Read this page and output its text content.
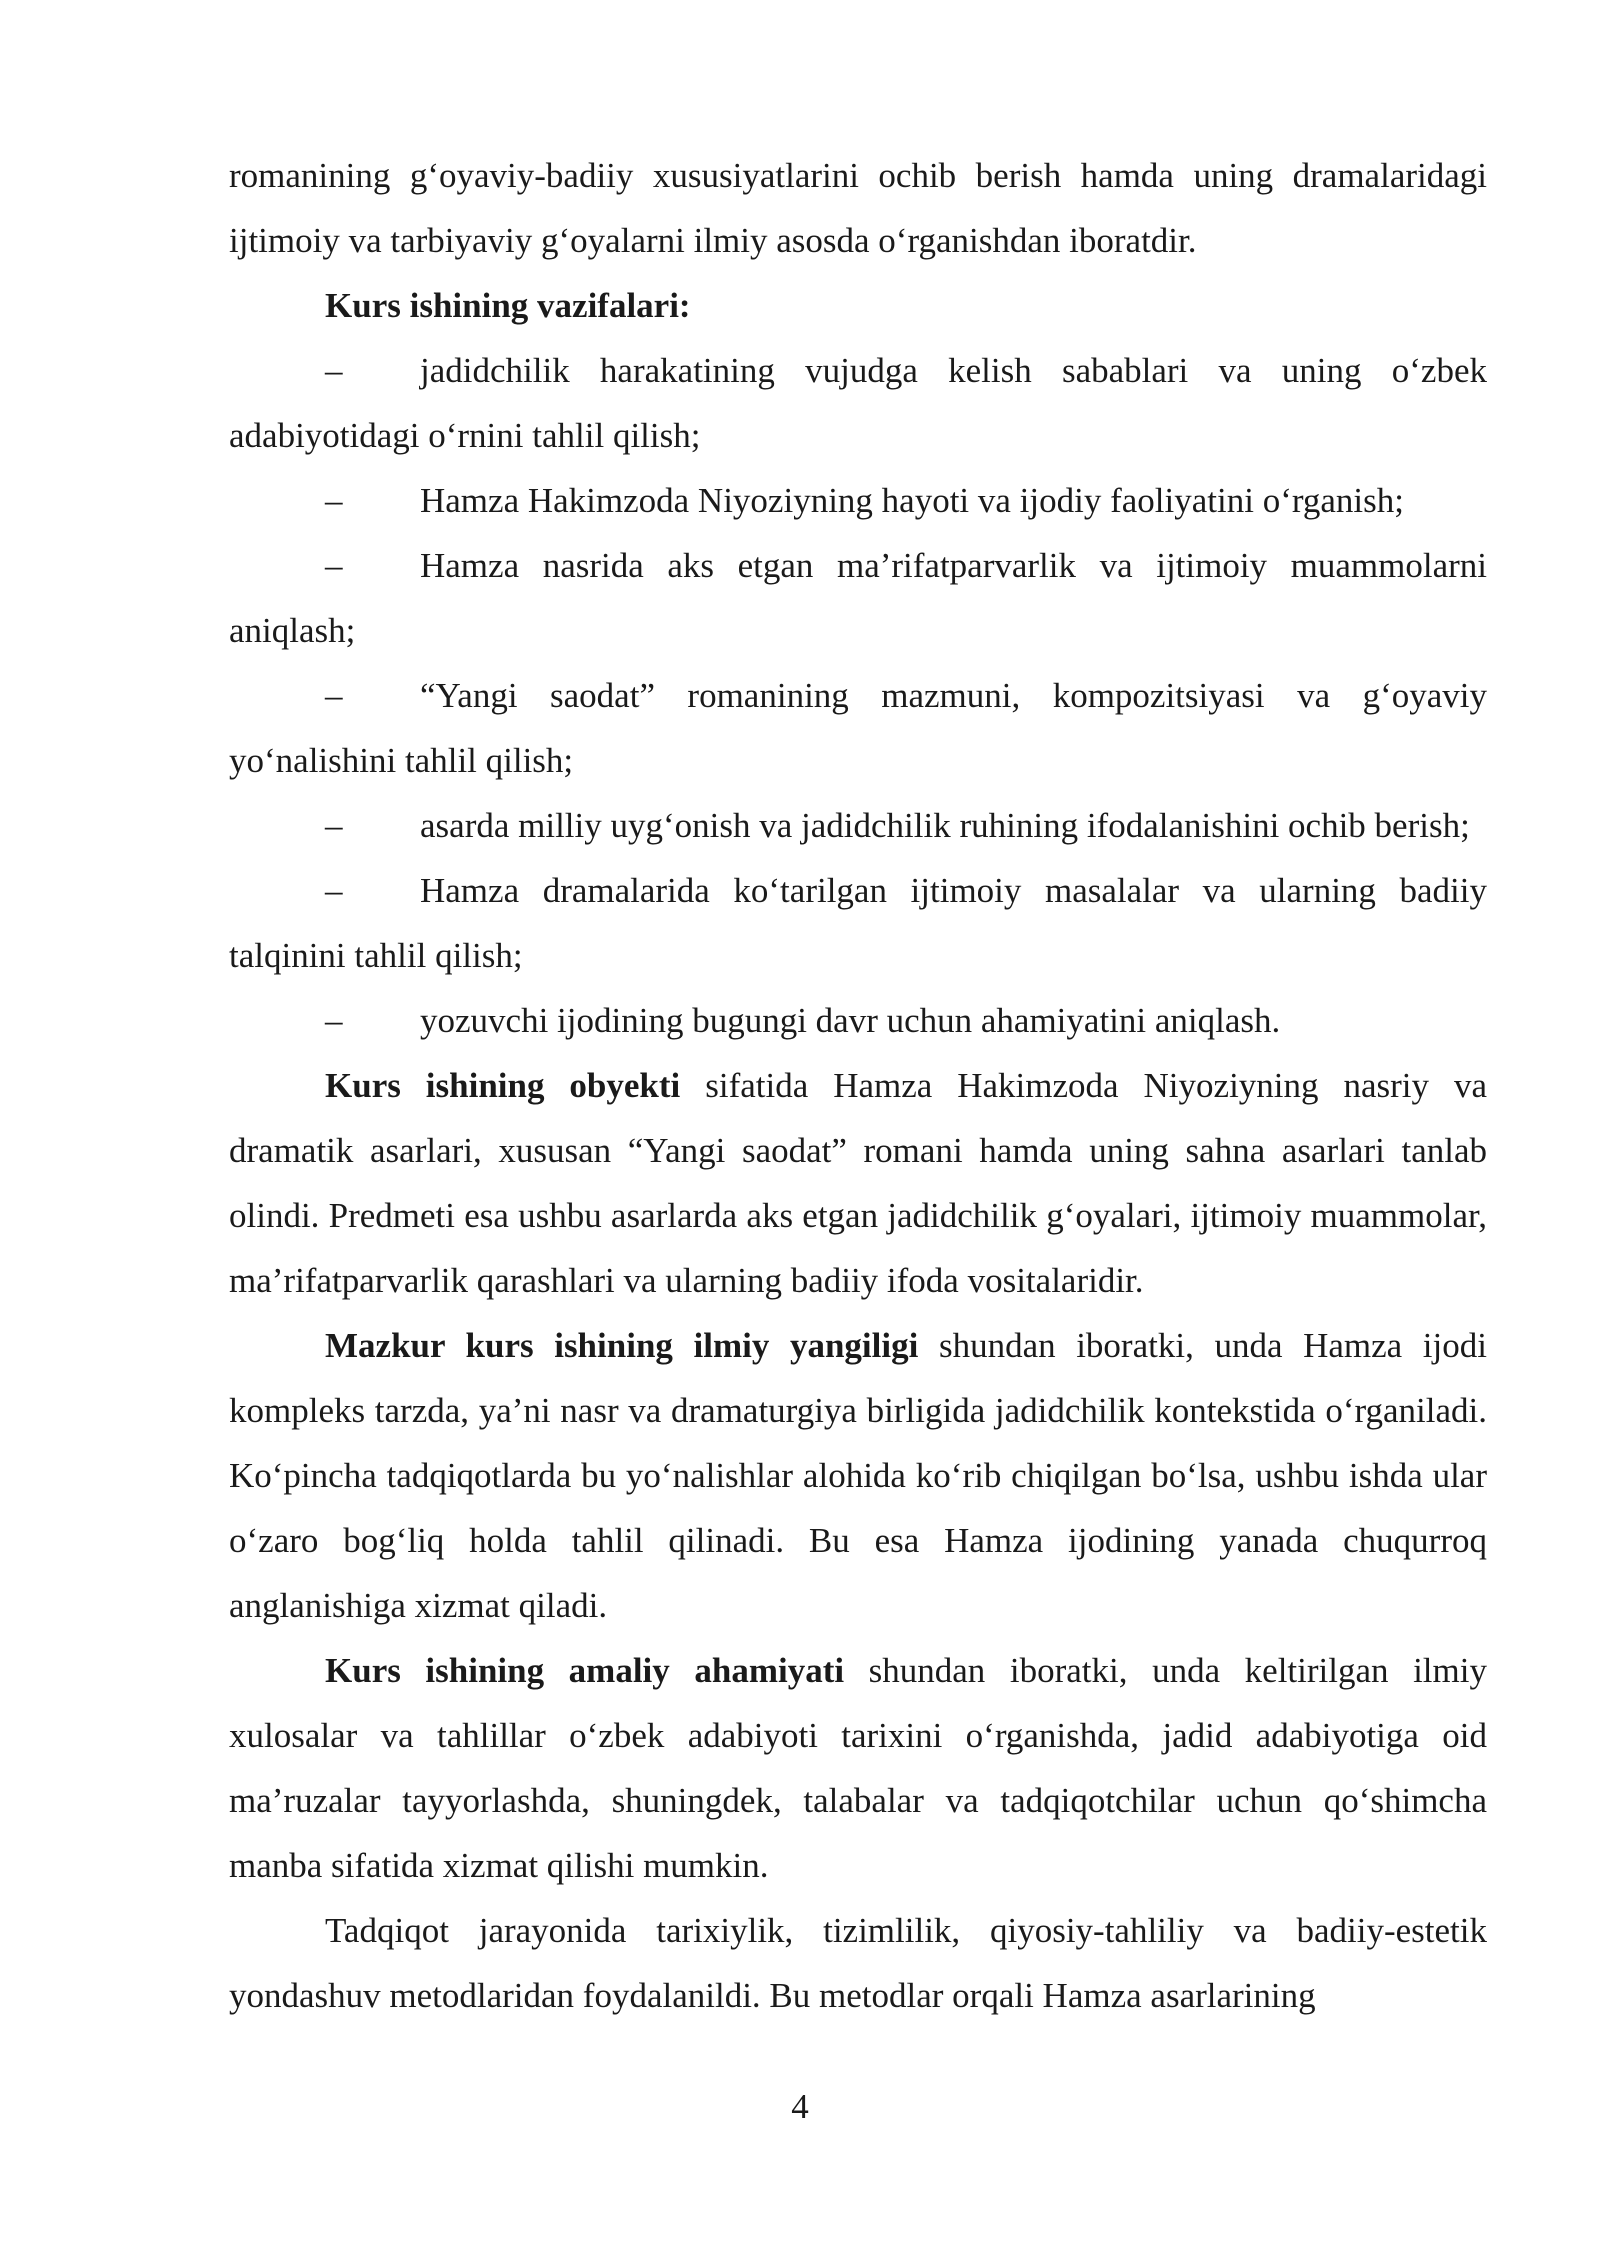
romanining g‘oyaviy-badiiy xususiyatlarini ochib berish hamda uning dramalaridagi ijtimoiy va tarbiyaviy g‘oyalarni ilmiy asosda o‘rganishdan iboratdir.

Kurs ishining vazifalari:

– jadidchilik harakatining vujudga kelish sabablari va uning o‘zbek adabiyotidagi o‘rnini tahlil qilish;

– Hamza Hakimzoda Niyoziyning hayoti va ijodiy faoliyatini o‘rganish;

– Hamza nasrida aks etgan ma’rifatparvarlik va ijtimoiy muammolarni aniqlash;

– “Yangi saodat” romanining mazmuni, kompozitsiyasi va g‘oyaviy yo‘nalishini tahlil qilish;

– asarda milliy uyg‘onish va jadidchilik ruhining ifodalanishini ochib berish;

– Hamza dramalarida ko‘tarilgan ijtimoiy masalalar va ularning badiiy talqinini tahlil qilish;

– yozuvchi ijodining bugungi davr uchun ahamiyatini aniqlash.

Kurs ishining obyekti sifatida Hamza Hakimzoda Niyoziyning nasriy va dramatik asarlari, xususan “Yangi saodat” romani hamda uning sahna asarlari tanlab olindi. Predmeti esa ushbu asarlarda aks etgan jadidchilik g‘oyalari, ijtimoiy muammolar, ma’rifatparvarlik qarashlari va ularning badiiy ifoda vositalaridir.

Mazkur kurs ishining ilmiy yangiligi shundan iboratki, unda Hamza ijodi kompleks tarzda, ya’ni nasr va dramaturgiya birligida jadidchilik kontekstida o‘rganiladi. Ko‘pincha tadqiqotlarda bu yo‘nalishlar alohida ko‘rib chiqilgan bo‘lsa, ushbu ishda ular o‘zaro bog‘liq holda tahlil qilinadi. Bu esa Hamza ijodining yanada chuqurroq anglanishiga xizmat qiladi.

Kurs ishining amaliy ahamiyati shundan iboratki, unda keltirilgan ilmiy xulosalar va tahlillar o‘zbek adabiyoti tarixini o‘rganishda, jadid adabiyotiga oid ma’ruzalar tayyorlashda, shuningdek, talabalar va tadqiqotchilar uchun qo‘shimcha manba sifatida xizmat qilishi mumkin.

Tadqiqot jarayonida tarixiylik, tizimlilik, qiyosiy-tahliliy va badiiy-estetik yondashuv metodlaridan foydalanildi. Bu metodlar orqali Hamza asarlarining

4
